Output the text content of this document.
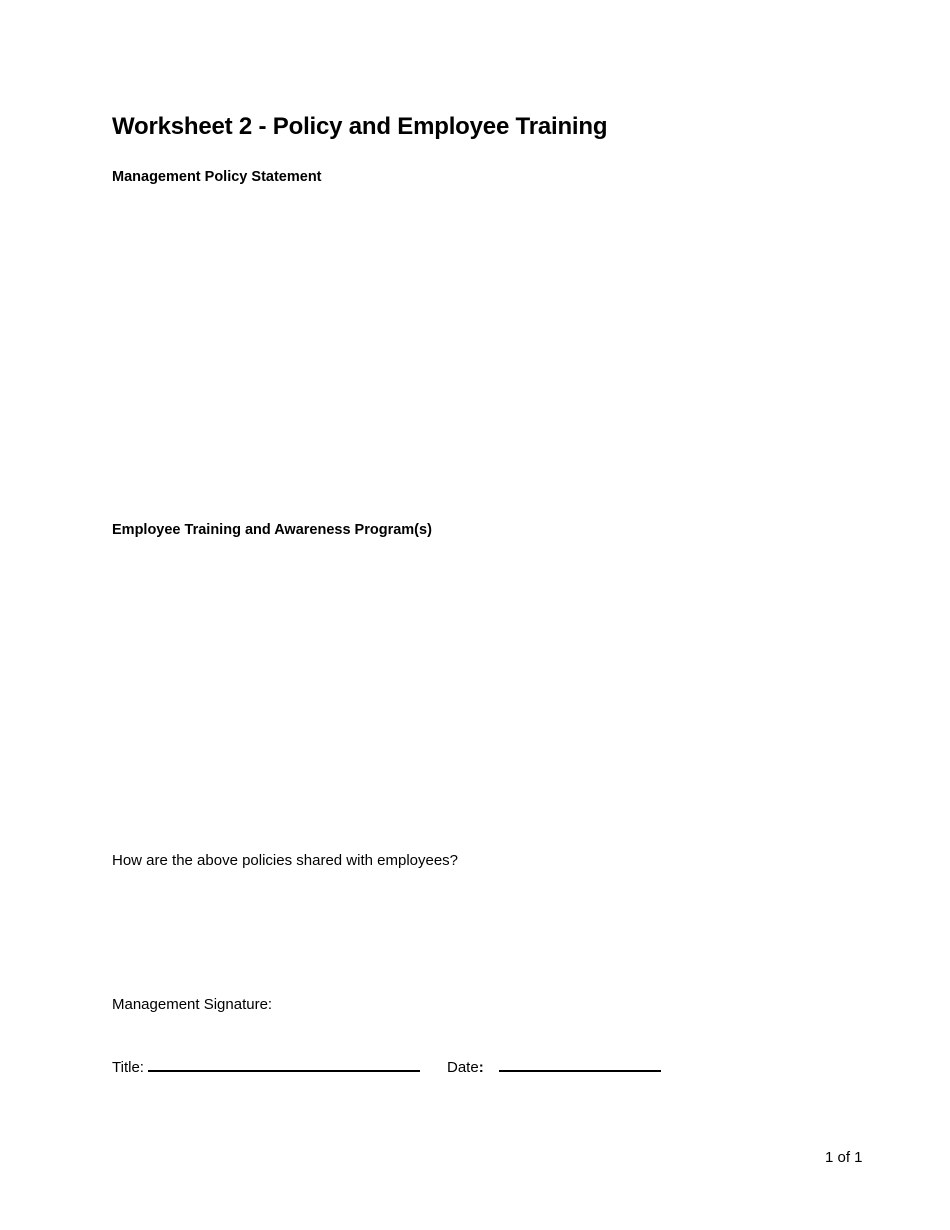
Worksheet 2 - Policy and Employee Training
Management Policy Statement
Employee Training and Awareness Program(s)
How are the above policies shared with employees?
Management Signature:
Title:	Date:
1 of 1
